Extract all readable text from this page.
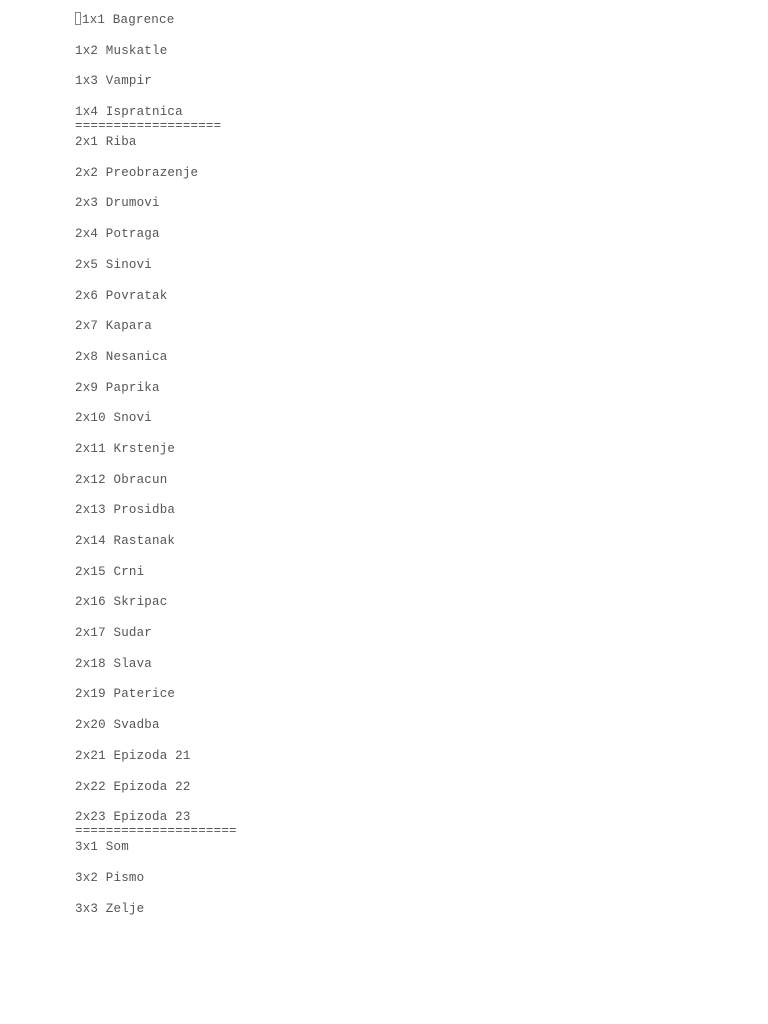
1x1 Bagrence
1x2 Muskatle
1x3 Vampir
1x4 Ispratnica
===================
2x1 Riba
2x2 Preobrazenje
2x3 Drumovi
2x4 Potraga
2x5 Sinovi
2x6 Povratak
2x7 Kapara
2x8 Nesanica
2x9 Paprika
2x10 Snovi
2x11 Krstenje
2x12 Obracun
2x13 Prosidba
2x14 Rastanak
2x15 Crni
2x16 Skripac
2x17 Sudar
2x18 Slava
2x19 Paterice
2x20 Svadba
2x21 Epizoda 21
2x22 Epizoda 22
2x23 Epizoda 23
=====================
3x1 Som
3x2 Pismo
3x3 Zelje
